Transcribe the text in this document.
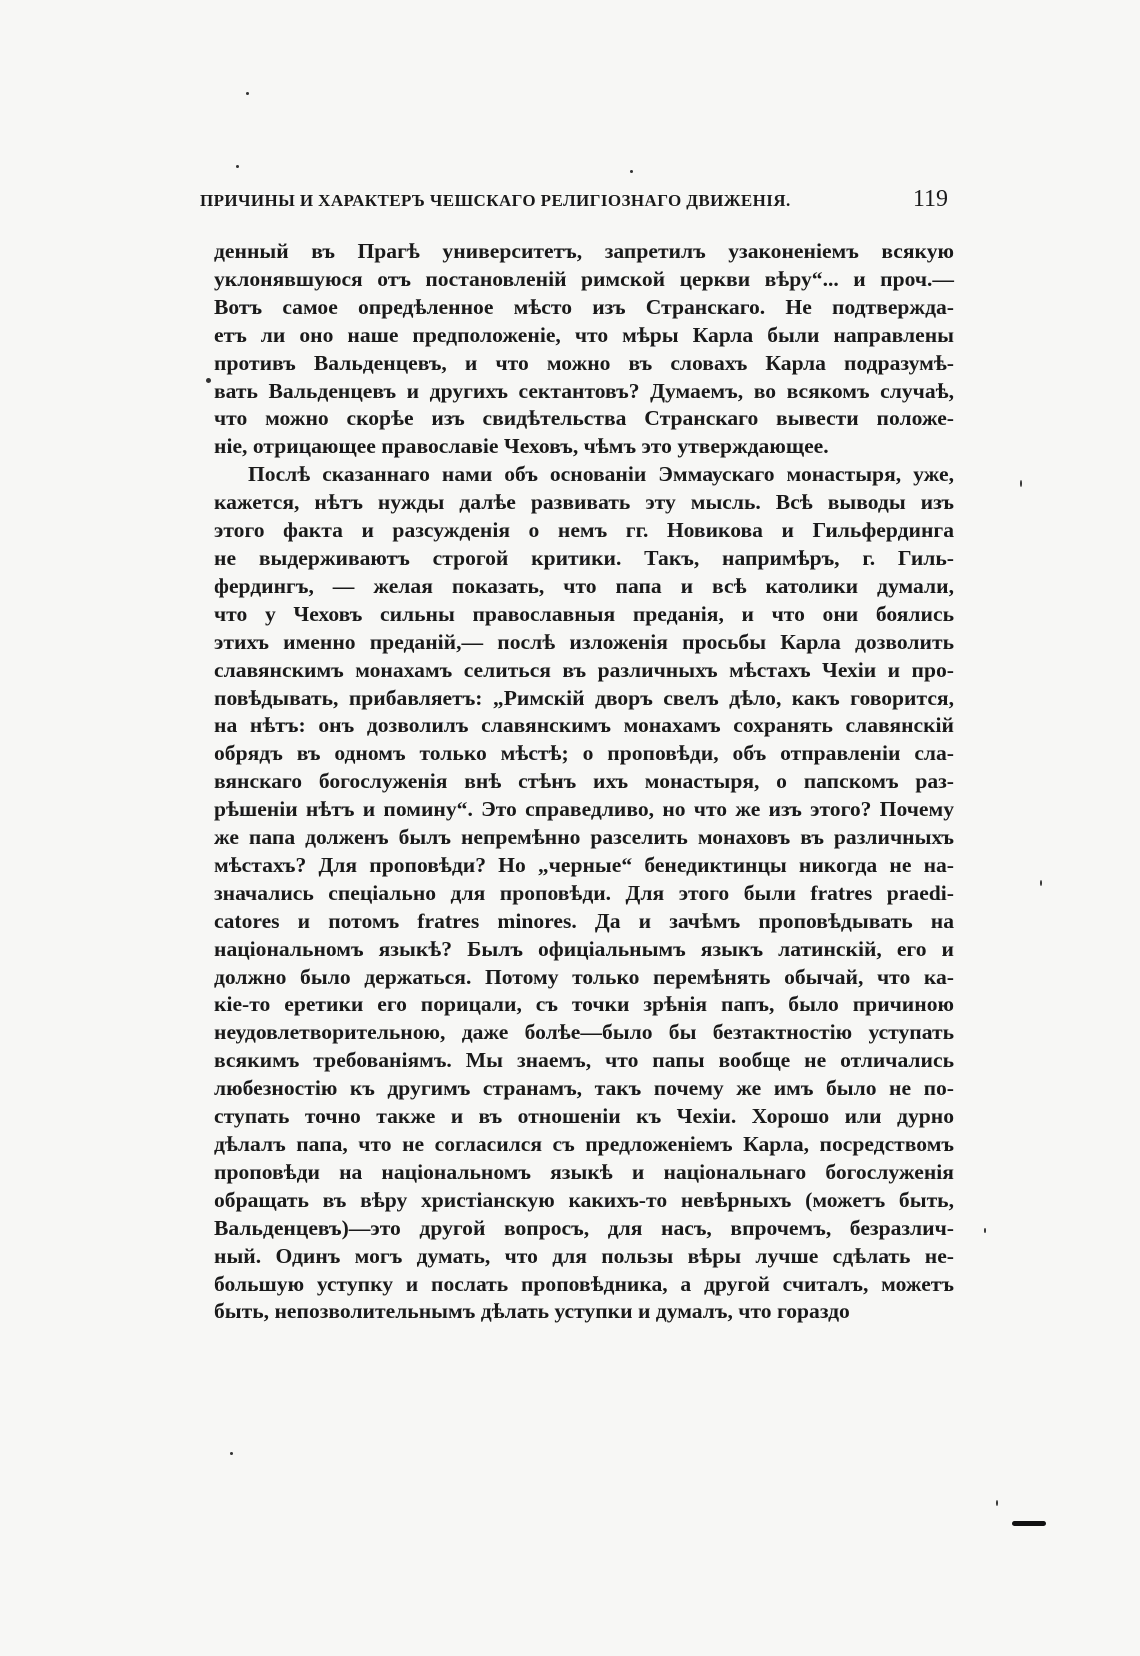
ПРИЧИНЫ И ХАРАКТЕРЪ ЧЕШСКАГО РЕЛИГІОЗНАГО ДВИЖЕНІЯ.	119
денный въ Прагѣ университетъ, запретилъ узаконеніемъ всякую
уклонявшуюся отъ постановленій римской церкви вѣру“... и проч.—
Вотъ самое опредѣленное мѣсто изъ Странскаго. Не подтвержда-
етъ ли оно наше предположеніе, что мѣры Карла были направлены
противъ Вальденцевъ, и что можно въ словахъ Карла подразумѣ-
вать Вальденцевъ и другихъ сектантовъ? Думаемъ, во всякомъ случаѣ,
что можно скорѣе изъ свидѣтельства Странскаго вывести положе-
ніе, отрицающее православіе Чеховъ, чѣмъ это утверждающее.
Послѣ сказаннаго нами объ основаніи Эммаускаго монастыря, уже,
кажется, нѣтъ нужды далѣе развивать эту мысль. Всѣ выводы изъ
этого факта и разсужденія о немъ гг. Новикова и Гильфердинга
не выдерживаютъ строгой критики. Такъ, напримѣръ, г. Гиль-
фердингъ, — желая показать, что папа и всѣ католики думали,
что у Чеховъ сильны православныя преданія, и что они боялись
этихъ именно преданій,— послѣ изложенія просьбы Карла дозволить
славянскимъ монахамъ селиться въ различныхъ мѣстахъ Чехіи и про-
повѣдывать, прибавляетъ: „Римскій дворъ свелъ дѣло, какъ говорится,
на нѣтъ: онъ дозволилъ славянскимъ монахамъ сохранять славянскій
обрядъ въ одномъ только мѣстѣ; о проповѣди, объ отправленіи сла-
вянскаго богослуженія внѣ стѣнъ ихъ монастыря, о папскомъ раз-
рѣшеніи нѣтъ и помину“. Это справедливо, но что же изъ этого? Почему
же папа долженъ былъ непремѣнно разселить монаховъ въ различныхъ
мѣстахъ? Для проповѣди? Но „черные“ бенедиктинцы никогда не на-
значались спеціально для проповѣди. Для этого были fratres praedi-
catores и потомъ fratres minores. Да и зачѣмъ проповѣдывать на
національномъ языкѣ? Былъ офиціальнымъ языкъ латинскій, его и
должно было держаться. Потому только перемѣнять обычай, что ка-
кіе-то еретики его порицали, съ точки зрѣнія папъ, было причиною
неудовлетворительною, даже болѣе—было бы безтактностію уступать
всякимъ требованіямъ. Мы знаемъ, что папы вообще не отличались
любезностію къ другимъ странамъ, такъ почему же имъ было не по-
ступать точно также и въ отношеніи къ Чехіи. Хорошо или дурно
дѣлалъ папа, что не согласился съ предложеніемъ Карла, посредствомъ
проповѣди на національномъ языкѣ и національнаго богослуженія
обращать въ вѣру христіанскую какихъ-то невѣрныхъ (можетъ быть,
Вальденцевъ)—это другой вопросъ, для насъ, впрочемъ, безразлич-
ный. Одинъ могъ думать, что для пользы вѣры лучше сдѣлать не-
большую уступку и послать проповѣдника, а другой считалъ, можетъ
быть, непозволительнымъ дѣлать уступки и думалъ, что гораздо
